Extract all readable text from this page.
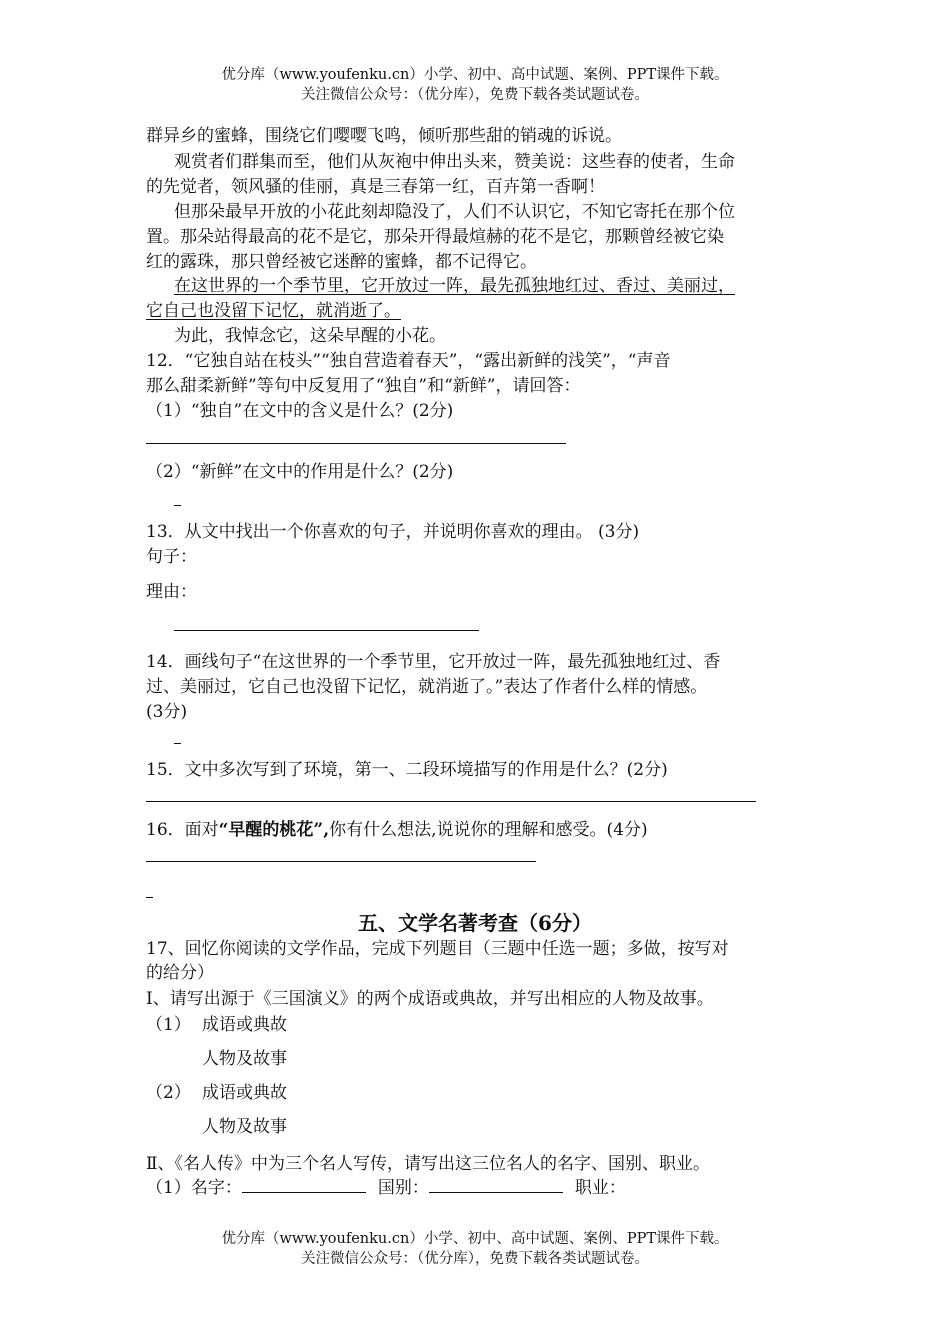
优分库（www.youfenku.cn）小学、初中、高中试题、案例、PPT课件下载。
关注微信公众号：（优分库），免费下载各类试题试卷。
群异乡的蜜蜂，围绕它们嘤嘤飞鸣，倾听那些甜的销魂的诉说。
观赏者们群集而至，他们从灰袍中伸出头来，赞美说：这些春的使者，生命
的先觉者，领风骚的佳丽，真是三春第一红，百卉第一香啊！
但那朵最早开放的小花此刻却隐没了，人们不认识它，不知它寄托在那个位
置。那朵站得最高的花不是它，那朵开得最煊赫的花不是它，那颗曾经被它染
红的露珠，那只曾经被它迷醉的蜜蜂，都不记得它。
在这世界的一个季节里，它开放过一阵，最先孤独地红过、香过、美丽过，
它自己也没留下记忆，就消逝了。
为此，我悼念它，这朵早醒的小花。
12．“它独自站在枝头”“独自营造着春天”，“露出新鲜的浅笑”，“声音
那么甜柔新鲜”等句中反复用了“独自”和“新鲜”，请回答：
（1）“独自”在文中的含义是什么？(2分)
（2）“新鲜”在文中的作用是什么？(2分)
13．从文中找出一个你喜欢的句子，并说明你喜欢的理由。 (3分)
句子：
理由：
14．画线句子“在这世界的一个季节里，它开放过一阵，最先孤独地红过、香
过、美丽过，它自己也没留下记忆，就消逝了。”表达了作者什么样的情感。
(3分)
15．文中多次写到了环境，第一、二段环境描写的作用是什么？(2分)
16．面对“早醒的桃花”,你有什么想法,说说你的理解和感受。(4分)
五、文学名著考查（6分）
17、回忆你阅读的文学作品，完成下列题目（三题中任选一题；多做，按写对
的给分）
Ⅰ、请写出源于《三国演义》的两个成语或典故，并写出相应的人物及故事。
（1） 成语或典故
人物及故事
（2） 成语或典故
人物及故事
Ⅱ、《名人传》中为三个名人写传，请写出这三位名人的名字、国别、职业。
（1）名字：	国别：	职业：
优分库（www.youfenku.cn）小学、初中、高中试题、案例、PPT课件下载。
关注微信公众号：（优分库），免费下载各类试题试卷。
